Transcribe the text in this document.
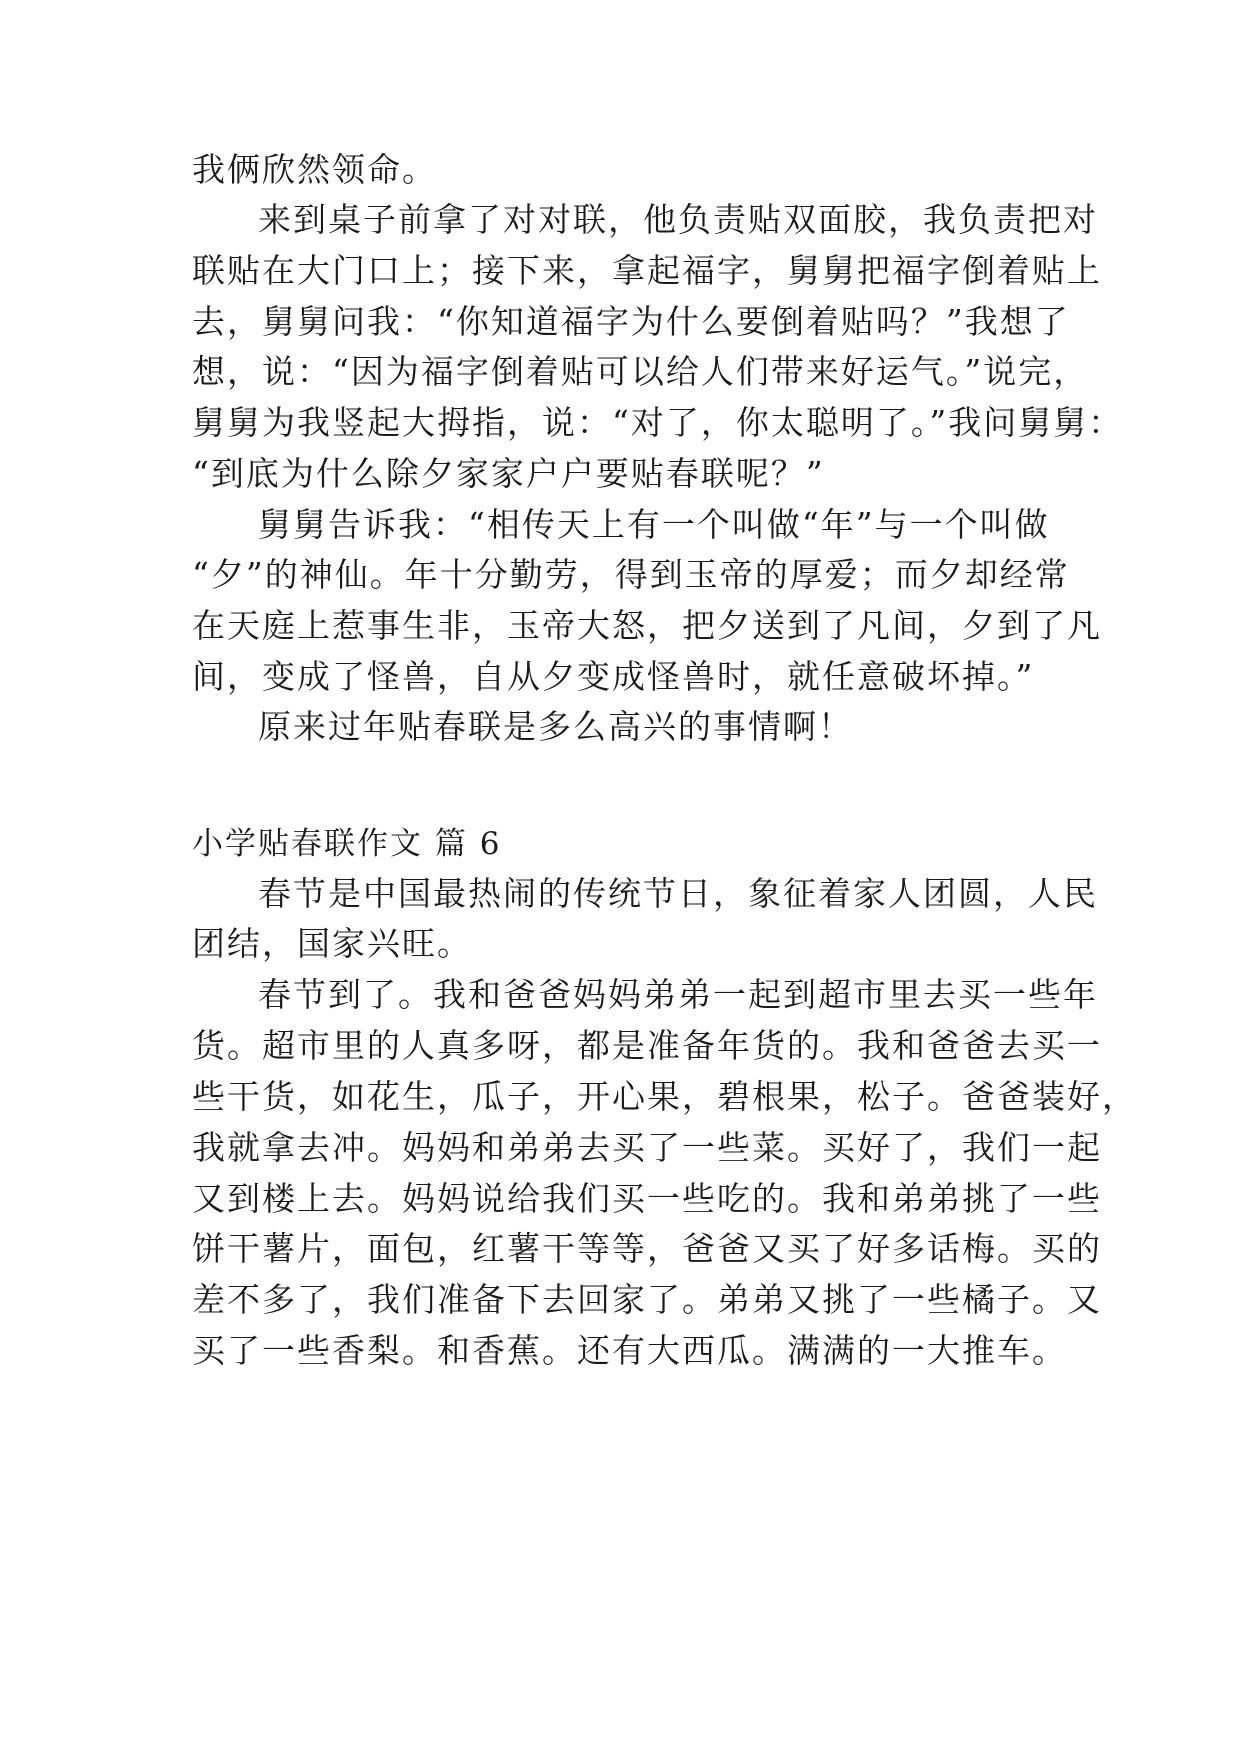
我俩欣然领命。
来到桌子前拿了对对联，他负责贴双面胶，我负责把对
联贴在大门口上；接下来，拿起福字，舅舅把福字倒着贴上
去，舅舅问我：“你知道福字为什么要倒着贴吗？”我想了
想，说：“因为福字倒着贴可以给人们带来好运气。”说完，
舅舅为我竖起大拇指，说：“对了，你太聪明了。”我问舅舅：
“到底为什么除夕家家户户要贴春联呢？”
舅舅告诉我：“相传天上有一个叫做“年”与一个叫做
“夕”的神仙。年十分勤劳，得到玉帝的厚爱；而夕却经常
在天庭上惹事生非，玉帝大怒，把夕送到了凡间，夕到了凡
间，变成了怪兽，自从夕变成怪兽时，就任意破坏掉。”
原来过年贴春联是多么高兴的事情啊！
小学贴春联作文 篇 6
春节是中国最热闹的传统节日，象征着家人团圆，人民
团结，国家兴旺。
春节到了。我和爸爸妈妈弟弟一起到超市里去买一些年
货。超市里的人真多呀，都是准备年货的。我和爸爸去买一
些干货，如花生，瓜子，开心果，碧根果，松子。爸爸装好，
我就拿去冲。妈妈和弟弟去买了一些菜。买好了，我们一起
又到楼上去。妈妈说给我们买一些吃的。我和弟弟挑了一些
饼干薯片，面包，红薯干等等，爸爸又买了好多话梅。买的
差不多了，我们准备下去回家了。弟弟又挑了一些橘子。又
买了一些香梨。和香蕉。还有大西瓜。满满的一大推车。
